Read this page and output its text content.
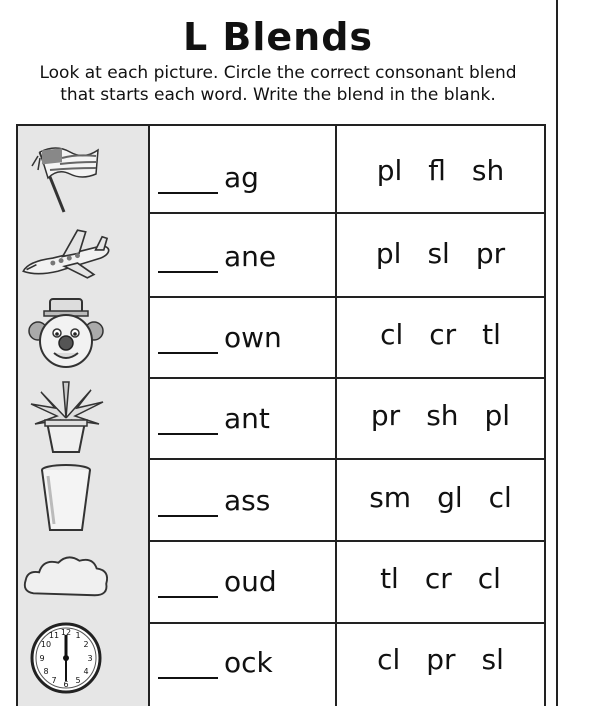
L Blends
Look at each picture. Circle the correct consonant blend
that starts each word. Write the blend in the blank.
12 1
2
3
4
5
6
7
8
9
10
11
ag
ane
own
ant
ass
oud
ock
pl fl sh
pl sl pr
cl cr tl
pr sh pl
sm gl cl
tl cr cl
cl pr sl
